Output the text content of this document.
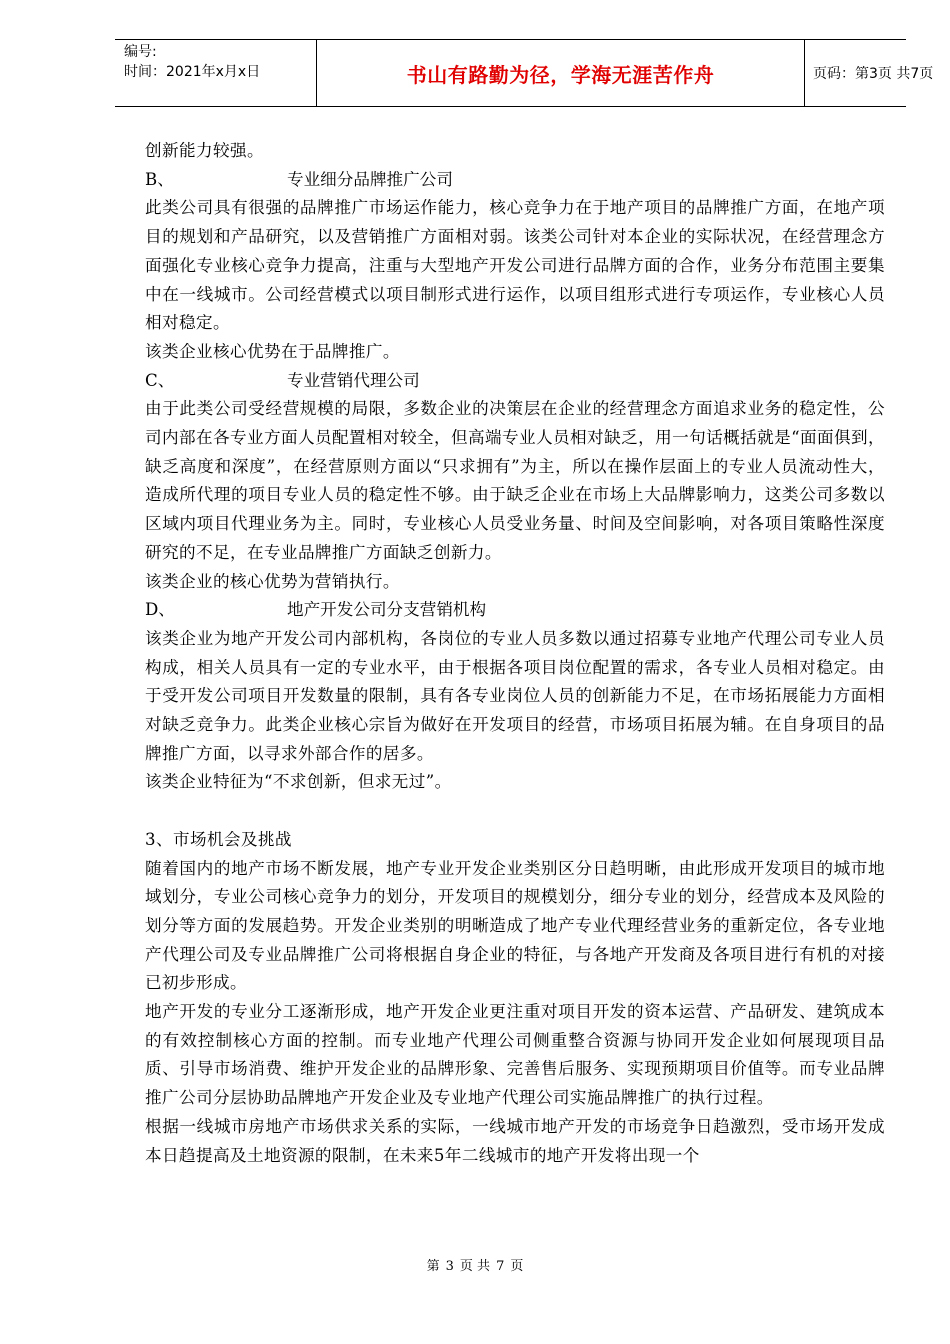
编号:
时间：2021年x月x日	书山有路勤为径，学海无涯苦作舟	页码：第3页 共7页

创新能力较强。

B、	专业细分品牌推广公司

此类公司具有很强的品牌推广市场运作能力，核心竞争力在于地产项目的品牌推广方面，在地产项目的规划和产品研究，以及营销推广方面相对弱。该类公司针对本企业的实际状况，在经营理念方面强化专业核心竞争力提高，注重与大型地产开发公司进行品牌方面的合作，业务分布范围主要集中在一线城市。公司经营模式以项目制形式进行运作，以项目组形式进行专项运作，专业核心人员相对稳定。

该类企业核心优势在于品牌推广。

C、	专业营销代理公司

由于此类公司受经营规模的局限，多数企业的决策层在企业的经营理念方面追求业务的稳定性，公司内部在各专业方面人员配置相对较全，但高端专业人员相对缺乏，用一句话概括就是“面面俱到，缺乏高度和深度”，在经营原则方面以“只求拥有”为主，所以在操作层面上的专业人员流动性大，造成所代理的项目专业人员的稳定性不够。由于缺乏企业在市场上大品牌影响力，这类公司多数以区域内项目代理业务为主。同时，专业核心人员受业务量、时间及空间影响，对各项目策略性深度研究的不足，在专业品牌推广方面缺乏创新力。

该类企业的核心优势为营销执行。

D、	地产开发公司分支营销机构

该类企业为地产开发公司内部机构，各岗位的专业人员多数以通过招募专业地产代理公司专业人员构成，相关人员具有一定的专业水平，由于根据各项目岗位配置的需求，各专业人员相对稳定。由于受开发公司项目开发数量的限制，具有各专业岗位人员的创新能力不足，在市场拓展能力方面相对缺乏竞争力。此类企业核心宗旨为做好在开发项目的经营，市场项目拓展为辅。在自身项目的品牌推广方面，以寻求外部合作的居多。

该类企业特征为“不求创新，但求无过”。

3、市场机会及挑战

随着国内的地产市场不断发展，地产专业开发企业类别区分日趋明晰，由此形成开发项目的城市地域划分，专业公司核心竞争力的划分，开发项目的规模划分，细分专业的划分，经营成本及风险的划分等方面的发展趋势。开发企业类别的明晰造成了地产专业代理经营业务的重新定位，各专业地产代理公司及专业品牌推广公司将根据自身企业的特征，与各地产开发商及各项目进行有机的对接已初步形成。

地产开发的专业分工逐渐形成，地产开发企业更注重对项目开发的资本运营、产品研发、建筑成本的有效控制核心方面的控制。而专业地产代理公司侧重整合资源与协同开发企业如何展现项目品质、引导市场消费、维护开发企业的品牌形象、完善售后服务、实现预期项目价值等。而专业品牌推广公司分层协助品牌地产开发企业及专业地产代理公司实施品牌推广的执行过程。

根据一线城市房地产市场供求关系的实际，一线城市地产开发的市场竞争日趋激烈，受市场开发成本日趋提高及土地资源的限制，在未来5年二线城市的地产开发将出现一个

第 3 页 共 7 页
